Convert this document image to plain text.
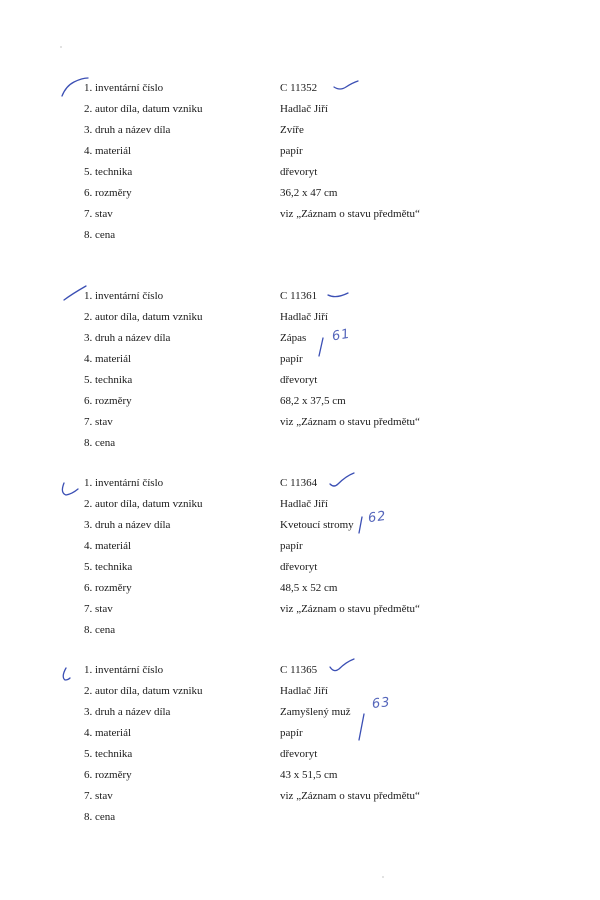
1. inventární číslo	C 11352
2. autor díla, datum vzniku	Hadlač Jiří
3. druh a název díla	Zvíře
4. materiál	papír
5. technika	dřevoryt
6. rozměry	36,2 x 47 cm
7. stav	viz „Záznam o stavu předmětu“
8. cena
1. inventární číslo	C 11361
2. autor díla, datum vzniku	Hadlač Jiří
3. druh a název díla	Zápas
4. materiál	papír
5. technika	dřevoryt
6. rozměry	68,2 x 37,5 cm
7. stav	viz „Záznam o stavu předmětu“
8. cena
1. inventární číslo	C 11364
2. autor díla, datum vzniku	Hadlač Jiří
3. druh a název díla	Kvetoucí stromy
4. materiál	papír
5. technika	dřevoryt
6. rozměry	48,5 x 52 cm
7. stav	viz „Záznam o stavu předmětu“
8. cena
1. inventární číslo	C 11365
2. autor díla, datum vzniku	Hadlač Jiří
3. druh a název díla	Zamyšlený muž
4. materiál	papír
5. technika	dřevoryt
6. rozměry	43 x 51,5 cm
7. stav	viz „Záznam o stavu předmětu“
8. cena
61
62
63
